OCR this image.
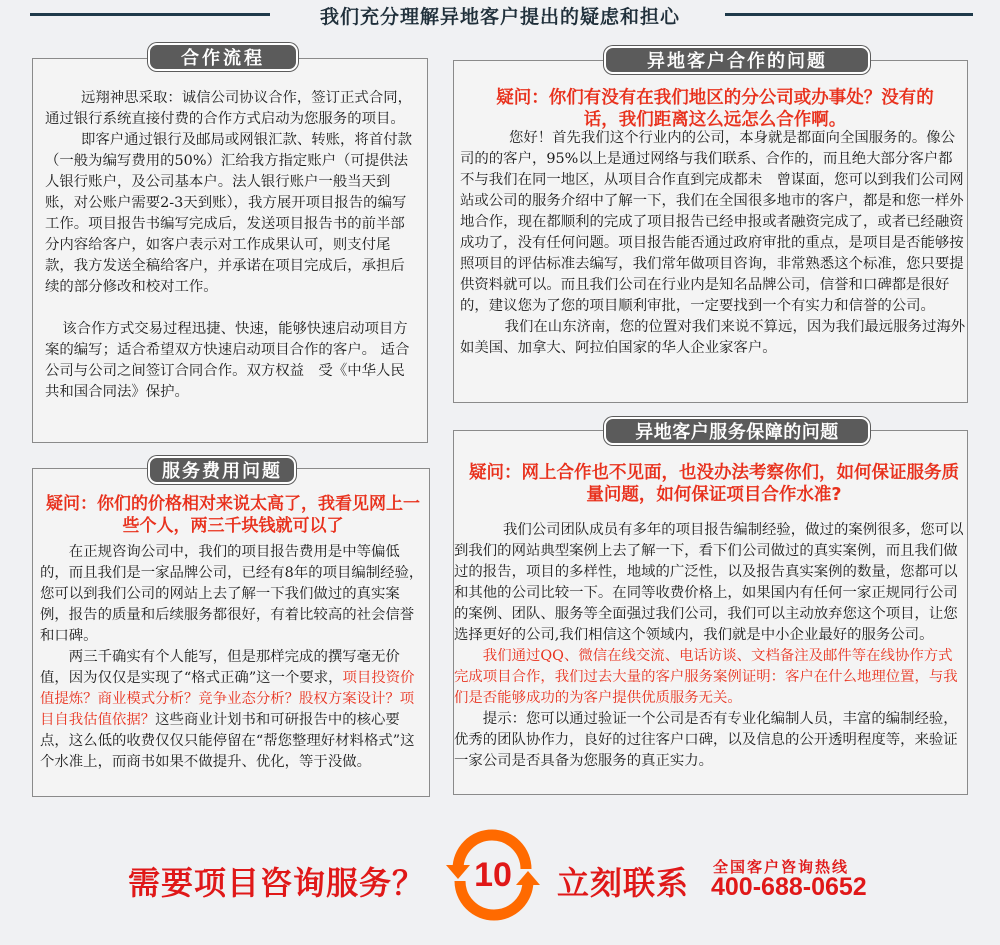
我们充分理解异地客户提出的疑虑和担心
合作流程

远翔神思采取：诚信公司协议合作，签订正式合同，通过银行系统直接付费的合作方式启动为您服务的项目。

即客户通过银行及邮局或网银汇款、转账，将首付款（一般为编写费用的50%）汇给我方指定账户（可提供法人银行账户，及公司基本户。法人银行账户一般当天到账，对公账户需要2-3天到账），我方展开项目报告的编写工作。项目报告书编写完成后，发送项目报告书的前半部分内容给客户，如客户表示对工作成果认可，则支付尾款，我方发送全稿给客户，并承诺在项目完成后，承担后续的部分修改和校对工作。

该合作方式交易过程迅捷、快速，能够快速启动项目方案的编写；适合希望双方快速启动项目合作的客户。 适合公司与公司之间签订合同合作。双方权益　受《中华人民共和国合同法》保护。

服务费用问题
疑问：你们的价格相对来说太高了，我看见网上一些个人，两三千块钱就可以了

在正规咨询公司中，我们的项目报告费用是中等偏低的，而且我们是一家品牌公司，已经有8年的项目编制经验，您可以到我们公司的网站上去了解一下我们做过的真实案例，报告的质量和后续服务都很好，有着比较高的社会信誉和口碑。

两三千确实有个人能写，但是那样完成的撰写毫无价值，因为仅仅是实现了“格式正确”这一个要求，项目投资价值提炼？商业模式分析？竞争业态分析？股权方案设计？项目自我估值依据？这些商业计划书和可研报告中的核心要点，这么低的收费仅仅只能停留在“帮您整理好材料格式”这个水准上，而商书如果不做提升、优化，等于没做。

异地客户合作的问题
疑问：你们有没有在我们地区的分公司或办事处？没有的话，我们距离这么远怎么合作啊。

您好！首先我们这个行业内的公司，本身就是都面向全国服务的。像公司的的客户，95%以上是通过网络与我们联系、合作的，而且绝大部分客户都不与我们在同一地区，从项目合作直到完成都未　曾谋面，您可以到我们公司网站或公司的服务介绍中了解一下，我们在全国很多地市的客户，都是和您一样外地合作，现在都顺利的完成了项目报告已经申报或者融资完成了，或者已经融资成功了，没有任何问题。项目报告能否通过政府审批的重点，是项目是否能够按照项目的评估标准去编写，我们常年做项目咨询，非常熟悉这个标准，您只要提供资料就可以。而且我们公司在行业内是知名品牌公司，信誉和口碑都是很好的，建议您为了您的项目顺利审批，一定要找到一个有实力和信誉的公司。

我们在山东济南，您的位置对我们来说不算远，因为我们最远服务过海外如美国、加拿大、阿拉伯国家的华人企业家客户。

异地客户服务保障的问题
疑问：网上合作也不见面，也没办法考察你们，如何保证服务质量问题，如何保证项目合作水准?

我们公司团队成员有多年的项目报告编制经验，做过的案例很多，您可以到我们的网站典型案例上去了解一下，看下们公司做过的真实案例，而且我们做过的报告，项目的多样性，地域的广泛性，以及报告真实案例的数量，您都可以和其他的公司比较一下。在同等收费价格上，如果国内有任何一家正规同行公司的案例、团队、服务等全面强过我们公司，我们可以主动放弃您这个项目，让您选择更好的公司,我们相信这个领域内，我们就是中小企业最好的服务公司。

我们通过QQ、微信在线交流、电话访谈、文档备注及邮件等在线协作方式完成项目合作，我们过去大量的客户服务案例证明：客户在什么地理位置，与我们是否能够成功的为客户提供优质服务无关。

提示：您可以通过验证一个公司是否有专业化编制人员，丰富的编制经验，优秀的团队协作力，良好的过往客户口碑，以及信息的公开透明程度等，来验证一家公司是否具备为您服务的真正实力。

需要项目咨询服务？ 10 立刻联系 全国客户咨询热线
400-688-0652
